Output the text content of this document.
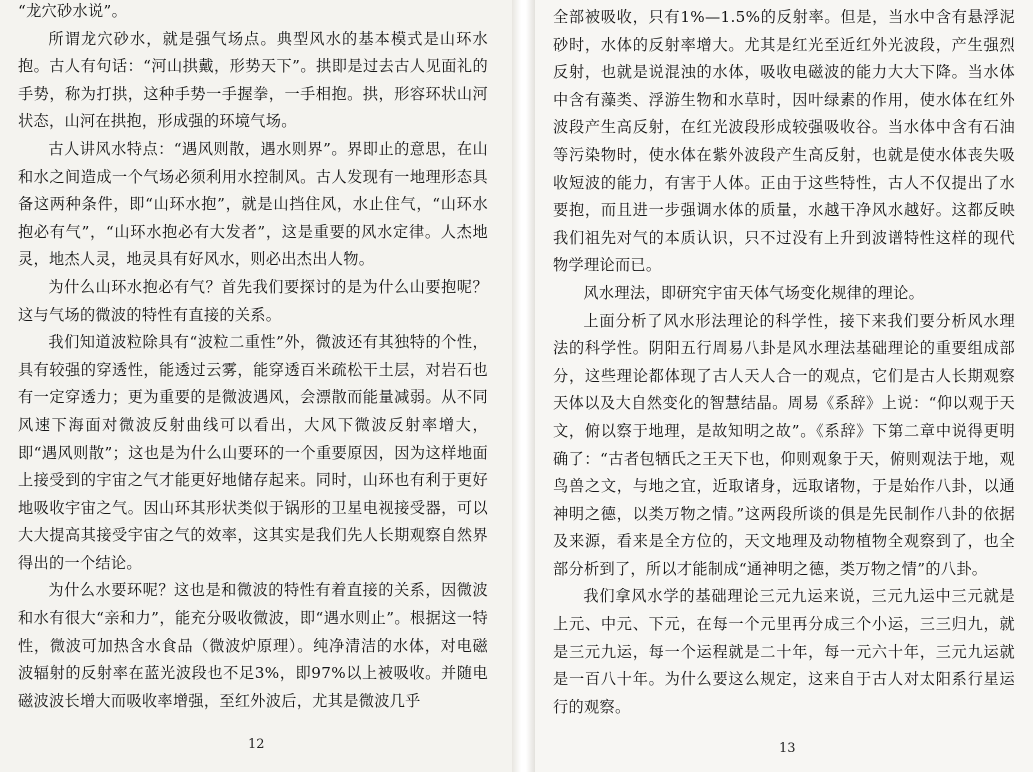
“龙穴砂水说”。

所谓龙穴砂水，就是强气场点。典型风水的基本模式是山环水抱。古人有句话：“河山拱戴，形势天下”。拱即是过去古人见面礼的手势，称为打拱，这种手势一手握拳，一手相抱。拱，形容环状山河状态，山河在拱抱，形成强的环境气场。

古人讲风水特点：“遇风则散，遇水则界”。界即止的意思，在山和水之间造成一个气场必须利用水控制风。古人发现有一地理形态具备这两种条件，即“山环水抱”，就是山挡住风，水止住气，“山环水抱必有气”，“山环水抱必有大发者”，这是重要的风水定律。人杰地灵，地杰人灵，地灵具有好风水，则必出杰出人物。

为什么山环水抱必有气？首先我们要探讨的是为什么山要抱呢？这与气场的微波的特性有直接的关系。

我们知道波粒除具有“波粒二重性”外，微波还有其独特的个性，具有较强的穿透性，能透过云雾，能穿透百米疏松干土层，对岩石也有一定穿透力；更为重要的是微波遇风，会漂散而能量减弱。从不同风速下海面对微波反射曲线可以看出，大风下微波反射率增大，即“遇风则散”；这也是为什么山要环的一个重要原因，因为这样地面上接受到的宇宙之气才能更好地储存起来。同时，山环也有利于更好地吸收宇宙之气。因山环其形状类似于锅形的卫星电视接受器，可以大大提高其接受宇宙之气的效率，这其实是我们先人长期观察自然界得出的一个结论。

为什么水要环呢？这也是和微波的特性有着直接的关系，因微波和水有很大“亲和力”，能充分吸收微波，即“遇水则止”。根据这一特性，微波可加热含水食品（微波炉原理）。纯净清洁的水体，对电磁波辐射的反射率在蓝光波段也不足3%，即97%以上被吸收。并随电磁波波长增大而吸收率增强，至红外波后，尤其是微波几乎

12

全部被吸收，只有1%—1.5%的反射率。但是，当水中含有悬浮泥砂时，水体的反射率增大。尤其是红光至近红外光波段，产生强烈反射，也就是说混浊的水体，吸收电磁波的能力大大下降。当水体中含有藻类、浮游生物和水草时，因叶绿素的作用，使水体在红外波段产生高反射，在红光波段形成较强吸收谷。当水体中含有石油等污染物时，使水体在紫外波段产生高反射，也就是使水体丧失吸收短波的能力，有害于人体。正由于这些特性，古人不仅提出了水要抱，而且进一步强调水体的质量，水越干净风水越好。这都反映我们祖先对气的本质认识，只不过没有上升到波谱特性这样的现代物学理论而已。

风水理法，即研究宇宙天体气场变化规律的理论。

上面分析了风水形法理论的科学性，接下来我们要分析风水理法的科学性。阴阳五行周易八卦是风水理法基础理论的重要组成部分，这些理论都体现了古人天人合一的观点，它们是古人长期观察天体以及大自然变化的智慧结晶。周易《系辞》上说：“仰以观于天文，俯以察于地理，是故知明之故”。《系辞》下第二章中说得更明确了：“古者包牺氏之王天下也，仰则观象于天，俯则观法于地，观鸟兽之文，与地之宜，近取诸身，远取诸物，于是始作八卦，以通神明之德，以类万物之情。”这两段所谈的俱是先民制作八卦的依据及来源，看来是全方位的，天文地理及动物植物全观察到了，也全部分析到了，所以才能制成“通神明之德，类万物之情”的八卦。

我们拿风水学的基础理论三元九运来说，三元九运中三元就是上元、中元、下元，在每一个元里再分成三个小运，三三归九，就是三元九运，每一个运程就是二十年，每一元六十年，三元九运就是一百八十年。为什么要这么规定，这来自于古人对太阳系行星运行的观察。

13
